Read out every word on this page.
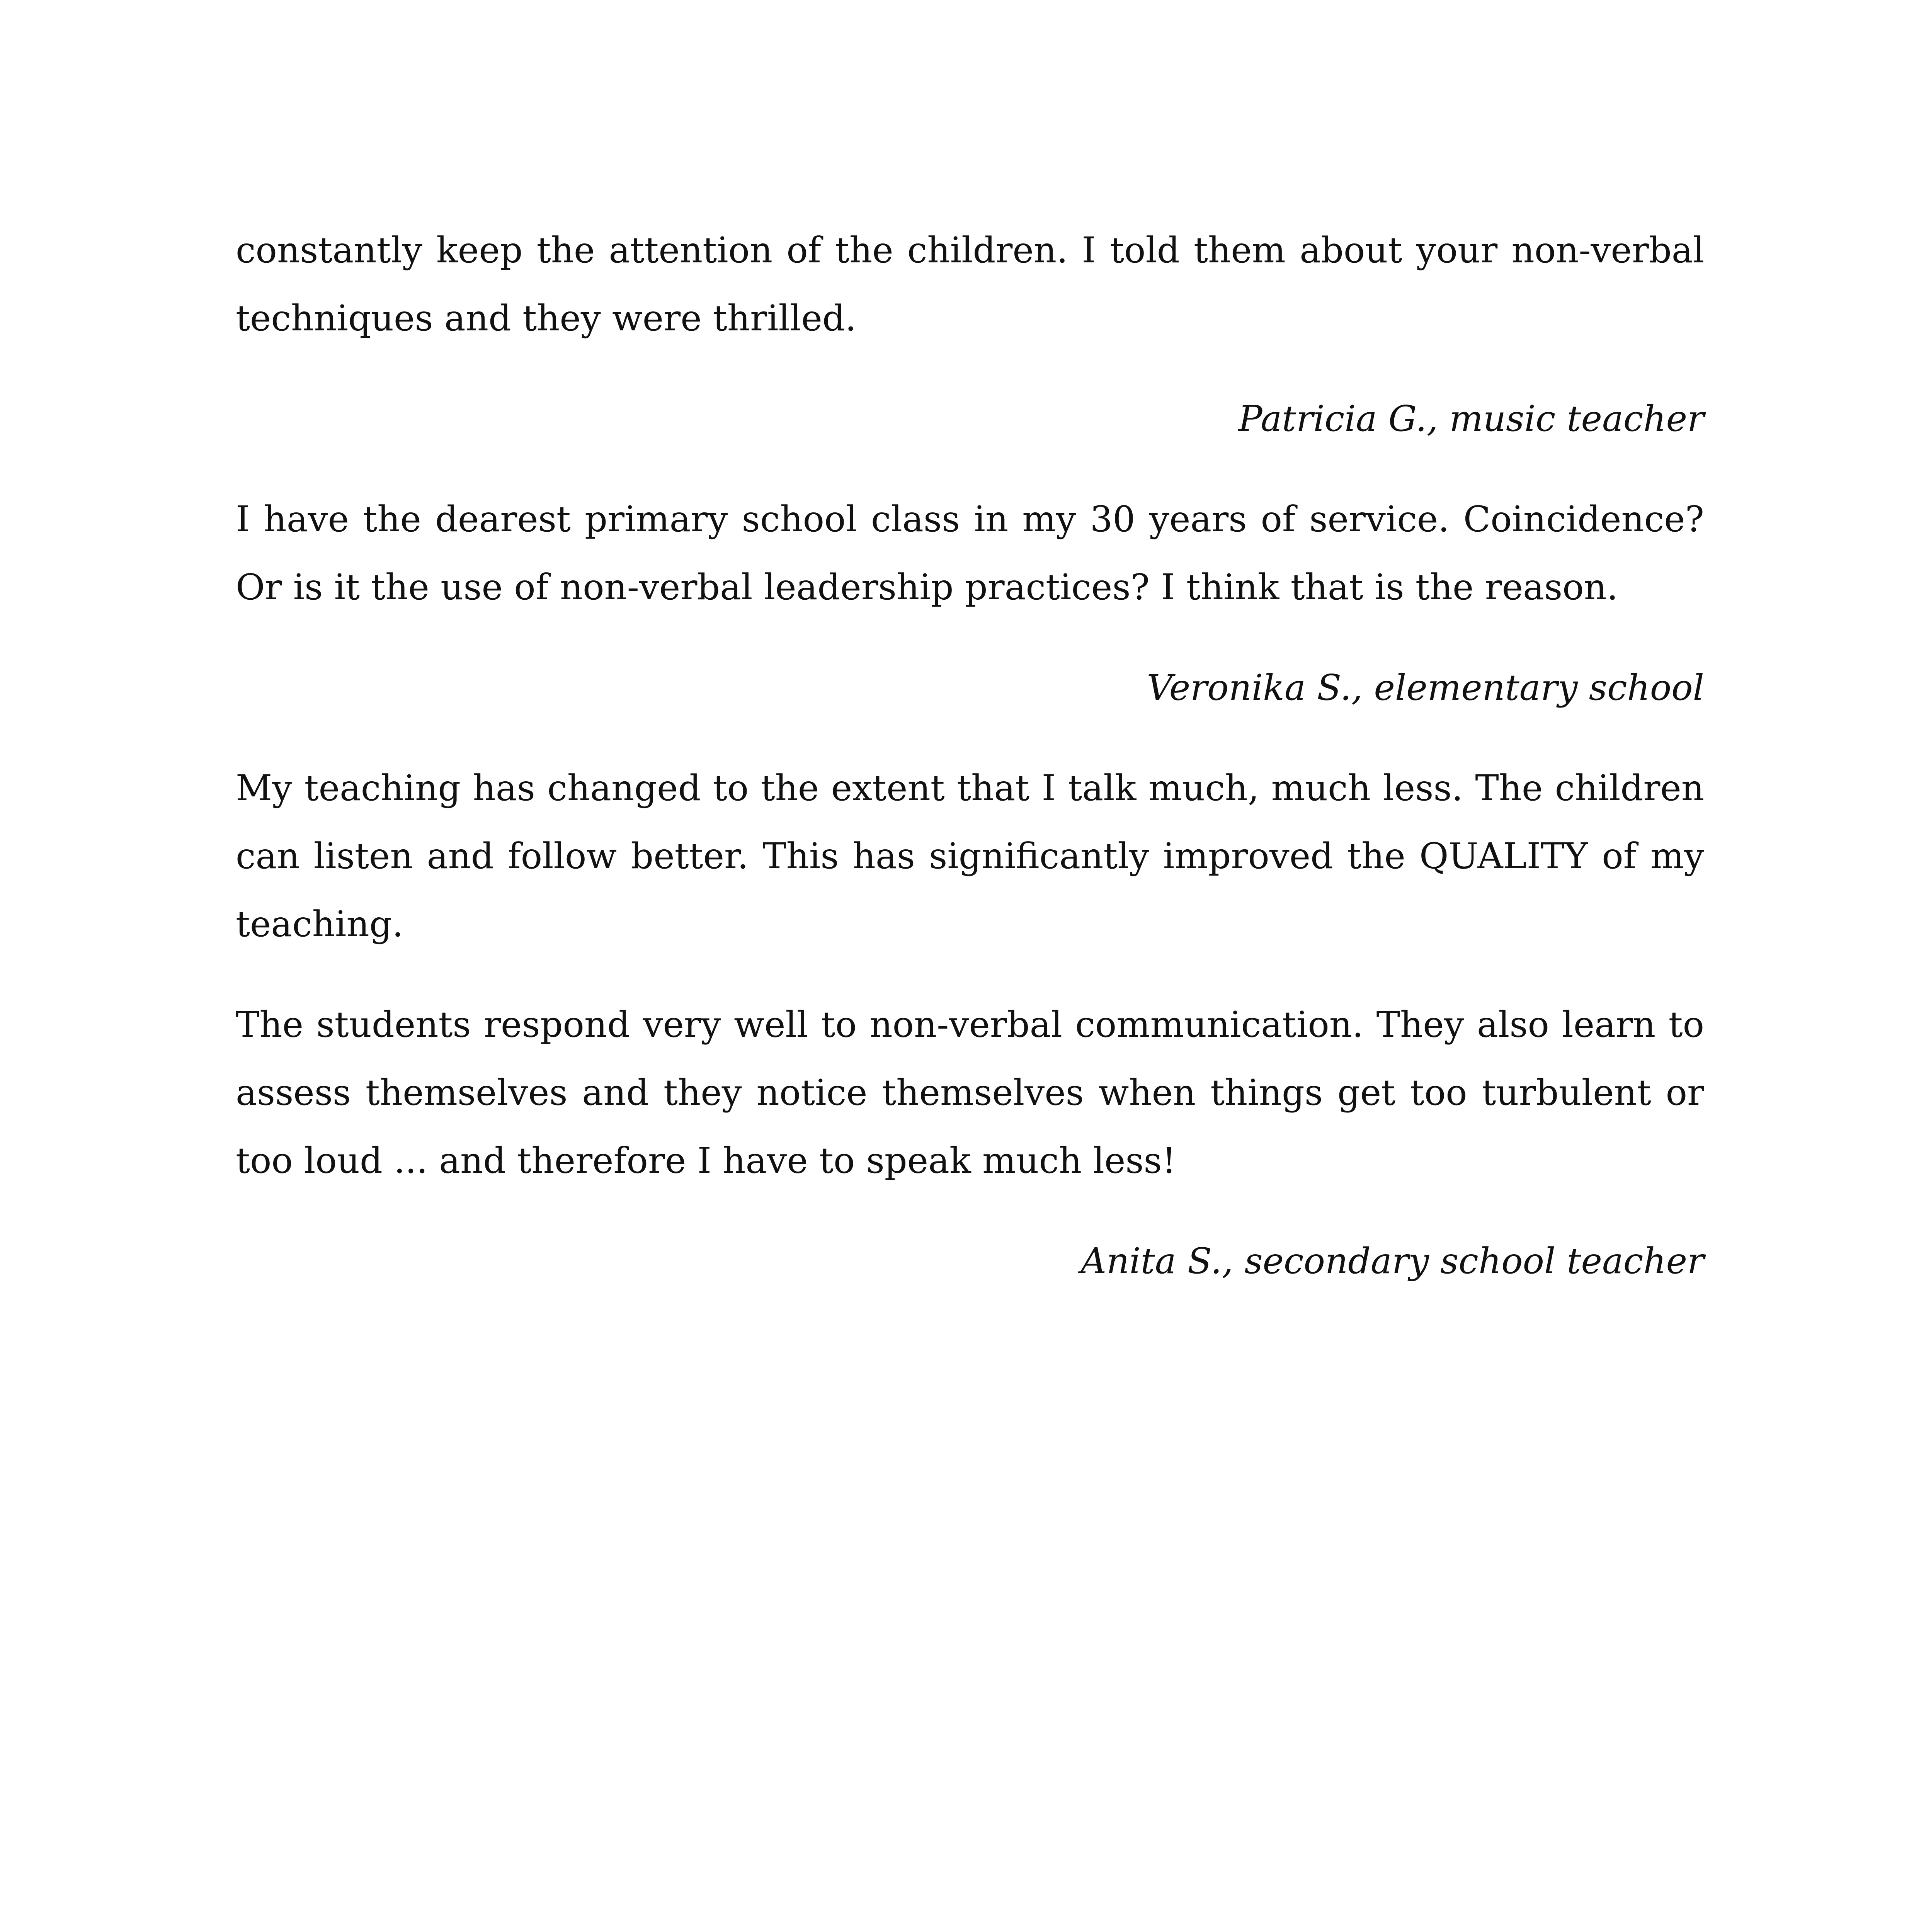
constantly keep the attention of the children. I told them about your non-verbal techniques and they were thrilled.

Patricia G., music teacher

I have the dearest primary school class in my 30 years of service. Coincidence? Or is it the use of non-verbal leadership practices? I think that is the reason.

Veronika S., elementary school

My teaching has changed to the extent that I talk much, much less. The children can listen and follow better. This has significantly improved the QUALITY of my teaching.

The students respond very well to non-verbal communication. They also learn to assess themselves and they notice themselves when things get too turbulent or too loud ... and therefore I have to speak much less!

Anita S., secondary school teacher
